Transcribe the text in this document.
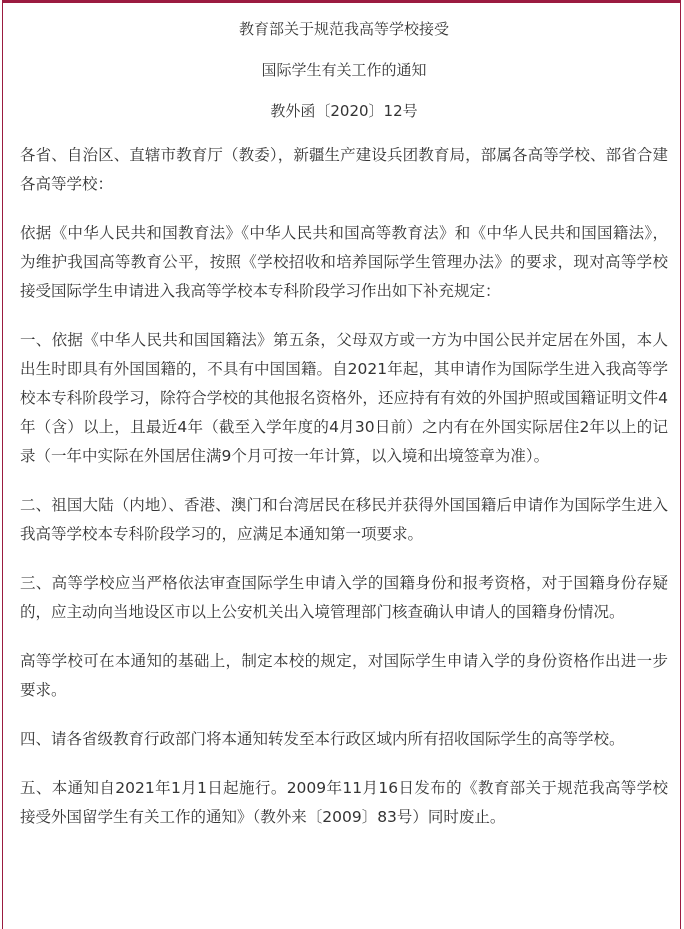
教育部关于规范我高等学校接受

国际学生有关工作的通知

教外函〔2020〕12号

各省、自治区、直辖市教育厅（教委），新疆生产建设兵团教育局，部属各高等学校、部省合建各高等学校：

依据《中华人民共和国教育法》《中华人民共和国高等教育法》和《中华人民共和国国籍法》，为维护我国高等教育公平，按照《学校招收和培养国际学生管理办法》的要求，现对高等学校接受国际学生申请进入我高等学校本专科阶段学习作出如下补充规定：

一、依据《中华人民共和国国籍法》第五条，父母双方或一方为中国公民并定居在外国，本人出生时即具有外国国籍的，不具有中国国籍。自2021年起，其申请作为国际学生进入我高等学校本专科阶段学习，除符合学校的其他报名资格外，还应持有有效的外国护照或国籍证明文件4年（含）以上，且最近4年（截至入学年度的4月30日前）之内有在外国实际居住2年以上的记录（一年中实际在外国居住满9个月可按一年计算，以入境和出境签章为准）。

二、祖国大陆（内地）、香港、澳门和台湾居民在移民并获得外国国籍后申请作为国际学生进入我高等学校本专科阶段学习的，应满足本通知第一项要求。

三、高等学校应当严格依法审查国际学生申请入学的国籍身份和报考资格，对于国籍身份存疑的，应主动向当地设区市以上公安机关出入境管理部门核查确认申请人的国籍身份情况。

高等学校可在本通知的基础上，制定本校的规定，对国际学生申请入学的身份资格作出进一步要求。

四、请各省级教育行政部门将本通知转发至本行政区域内所有招收国际学生的高等学校。

五、本通知自2021年1月1日起施行。2009年11月16日发布的《教育部关于规范我高等学校接受外国留学生有关工作的通知》（教外来〔2009〕83号）同时废止。
